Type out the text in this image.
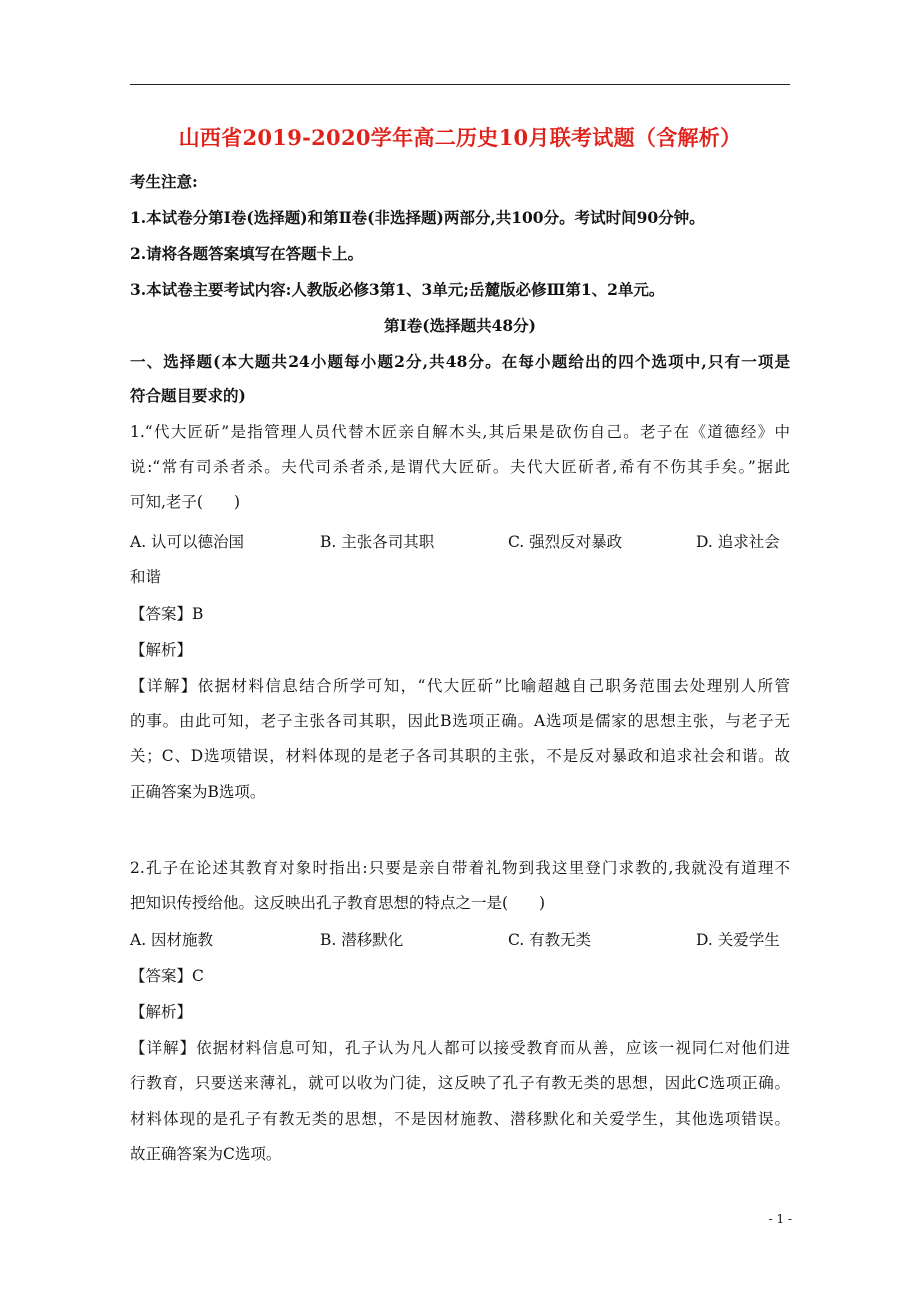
山西省2019-2020学年高二历史10月联考试题（含解析）
考生注意:
1.本试卷分第Ⅰ卷(选择题)和第Ⅱ卷(非选择题)两部分,共100分。考试时间90分钟。
2.请将各题答案填写在答题卡上。
3.本试卷主要考试内容:人教版必修3第1、3单元;岳麓版必修Ⅲ第1、2单元。
第Ⅰ卷(选择题共48分)
一、选择题(本大题共24小题每小题2分,共48分。在每小题给出的四个选项中,只有一项是
符合题目要求的)
1.“代大匠斫”是指管理人员代替木匠亲自解木头,其后果是砍伤自己。老子在《道德经》中
说:“常有司杀者杀。夫代司杀者杀,是谓代大匠斫。夫代大匠斫者,希有不伤其手矣。”据此
可知,老子(　　)
A. 认可以德治国	B. 主张各司其职	C. 强烈反对暴政	D. 追求社会
和谐
【答案】B
【解析】
【详解】依据材料信息结合所学可知，“代大匠斫”比喻超越自己职务范围去处理别人所管
的事。由此可知，老子主张各司其职，因此B选项正确。A选项是儒家的思想主张，与老子无
关；C、D选项错误，材料体现的是老子各司其职的主张，不是反对暴政和追求社会和谐。故
正确答案为B选项。
2.孔子在论述其教育对象时指出:只要是亲自带着礼物到我这里登门求教的,我就没有道理不
把知识传授给他。这反映出孔子教育思想的特点之一是(　　)
A. 因材施教	B. 潜移默化	C. 有教无类	D. 关爱学生
【答案】C
【解析】
【详解】依据材料信息可知，孔子认为凡人都可以接受教育而从善，应该一视同仁对他们进
行教育，只要送来薄礼，就可以收为门徒，这反映了孔子有教无类的思想，因此C选项正确。
材料体现的是孔子有教无类的思想，不是因材施教、潜移默化和关爱学生，其他选项错误。
故正确答案为C选项。
- 1 -
